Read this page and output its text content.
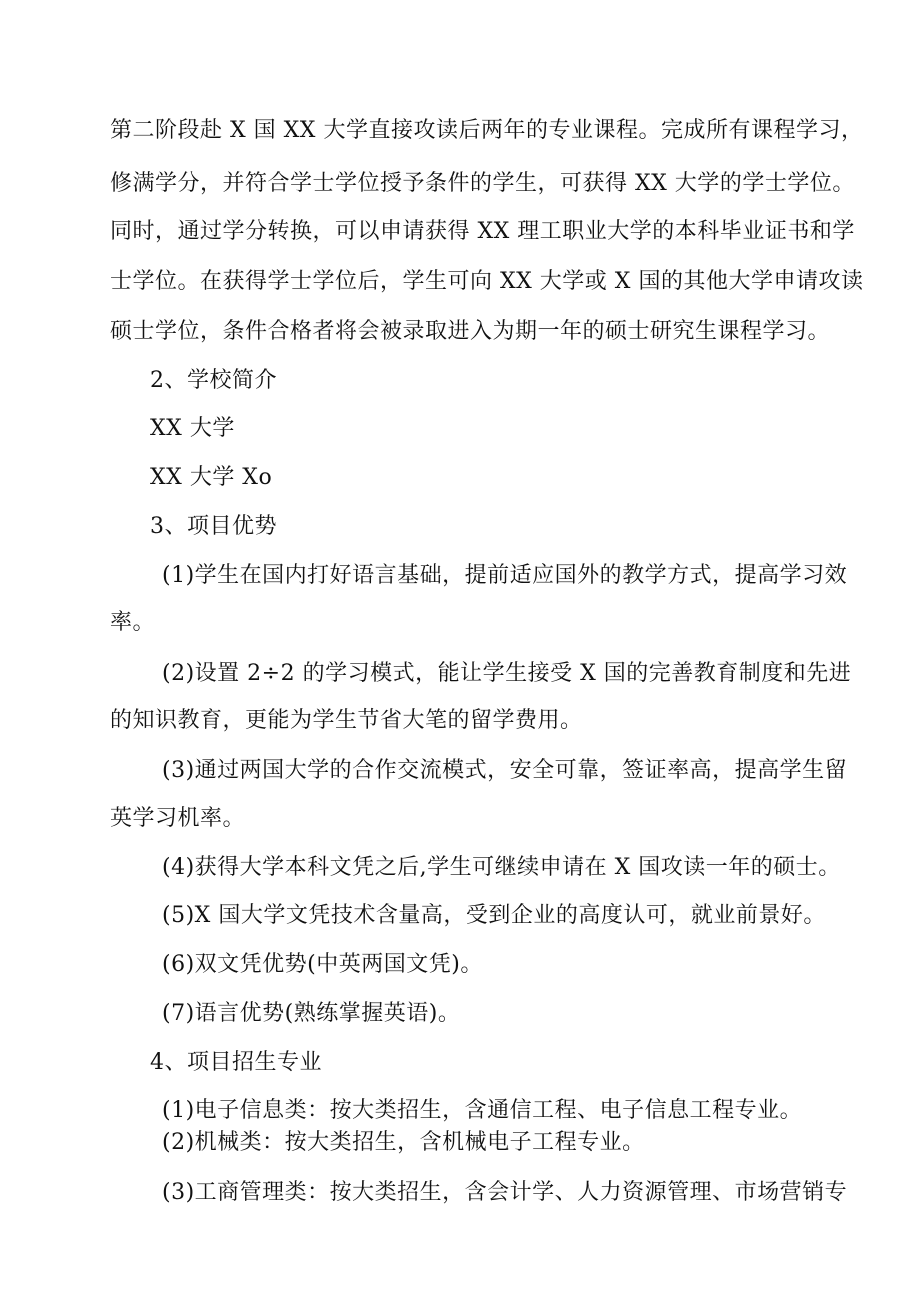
第二阶段赴 X 国 XX 大学直接攻读后两年的专业课程。完成所有课程学习，
修满学分，并符合学士学位授予条件的学生，可获得 XX 大学的学士学位。
同时，通过学分转换，可以申请获得 XX 理工职业大学的本科毕业证书和学
士学位。在获得学士学位后，学生可向 XX 大学或 X 国的其他大学申请攻读
硕士学位，条件合格者将会被录取进入为期一年的硕士研究生课程学习。
2、学校简介
XX 大学
XX 大学 Xo
3、项目优势
(1)学生在国内打好语言基础，提前适应国外的教学方式，提高学习效
率。
(2)设置 2÷2 的学习模式，能让学生接受 X 国的完善教育制度和先进
的知识教育，更能为学生节省大笔的留学费用。
(3)通过两国大学的合作交流模式，安全可靠，签证率高，提高学生留
英学习机率。
(4)获得大学本科文凭之后,学生可继续申请在 X 国攻读一年的硕士。
(5)X 国大学文凭技术含量高，受到企业的高度认可，就业前景好。
(6)双文凭优势(中英两国文凭)。
(7)语言优势(熟练掌握英语)。
4、项目招生专业
(1)电子信息类：按大类招生，含通信工程、电子信息工程专业。
(2)机械类：按大类招生，含机械电子工程专业。
(3)工商管理类：按大类招生，含会计学、人力资源管理、市场营销专
